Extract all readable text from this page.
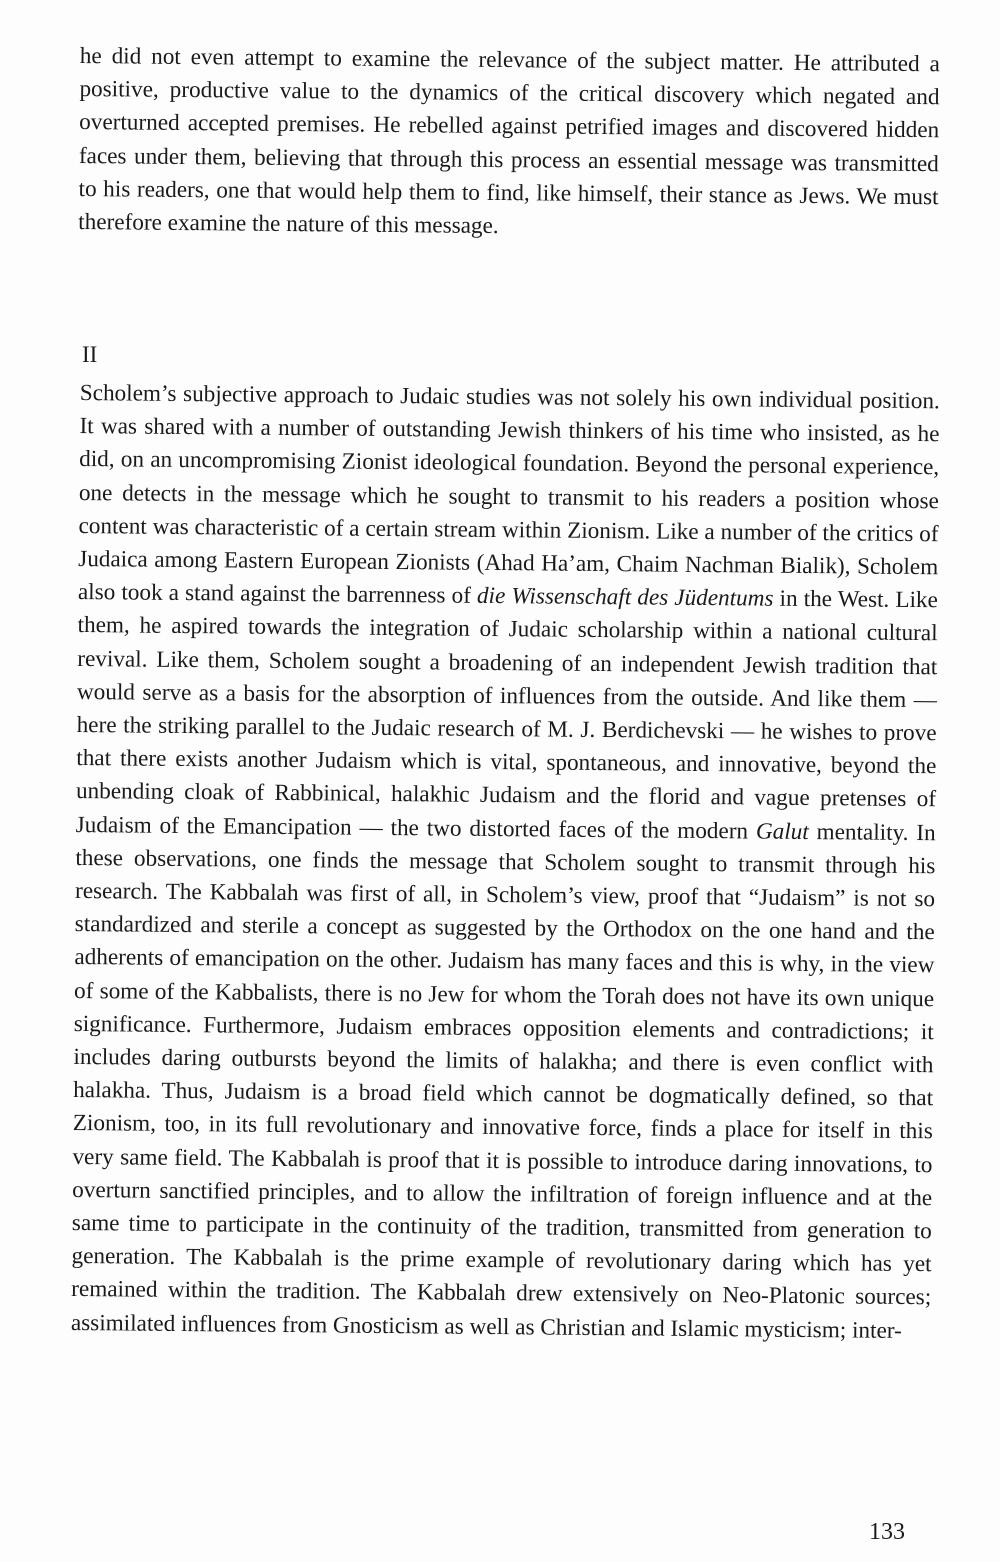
he did not even attempt to examine the relevance of the subject matter. He attributed a positive, productive value to the dynamics of the critical discovery which negated and overturned accepted premises. He rebelled against petrified images and discovered hidden faces under them, believing that through this process an essential message was transmitted to his readers, one that would help them to find, like himself, their stance as Jews. We must therefore examine the nature of this message.

II

Scholem’s subjective approach to Judaic studies was not solely his own individual position. It was shared with a number of outstanding Jewish thinkers of his time who insisted, as he did, on an uncompromising Zionist ideological foundation. Beyond the personal experience, one detects in the message which he sought to transmit to his readers a position whose content was characteristic of a certain stream within Zionism. Like a number of the critics of Judaica among Eastern European Zionists (Ahad Ha’am, Chaim Nachman Bialik), Scholem also took a stand against the barrenness of die Wissenschaft des Jüdentums in the West. Like them, he aspired towards the integration of Judaic scholarship within a national cultural revival. Like them, Scholem sought a broadening of an independent Jewish tradition that would serve as a basis for the absorption of influences from the outside. And like them — here the striking parallel to the Judaic research of M. J. Berdichevski — he wishes to prove that there exists another Judaism which is vital, spontaneous, and innovative, beyond the unbending cloak of Rabbinical, halakhic Judaism and the florid and vague pretenses of Judaism of the Emancipation — the two distorted faces of the modern Galut mentality. In these observations, one finds the message that Scholem sought to transmit through his research. The Kabbalah was first of all, in Scholem’s view, proof that “Judaism” is not so standardized and sterile a concept as suggested by the Orthodox on the one hand and the adherents of emancipation on the other. Judaism has many faces and this is why, in the view of some of the Kabbalists, there is no Jew for whom the Torah does not have its own unique significance. Furthermore, Judaism embraces opposition elements and contradictions; it includes daring outbursts beyond the limits of halakha; and there is even conflict with halakha. Thus, Judaism is a broad field which cannot be dogmatically defined, so that Zionism, too, in its full revolutionary and innovative force, finds a place for itself in this very same field. The Kabbalah is proof that it is possible to introduce daring innovations, to overturn sanctified principles, and to allow the infiltration of foreign influence and at the same time to participate in the continuity of the tradition, transmitted from generation to generation. The Kabbalah is the prime example of revolutionary daring which has yet remained within the tradition. The Kabbalah drew extensively on Neo-Platonic sources; assimilated influences from Gnosticism as well as Christian and Islamic mysticism; inter-

133
